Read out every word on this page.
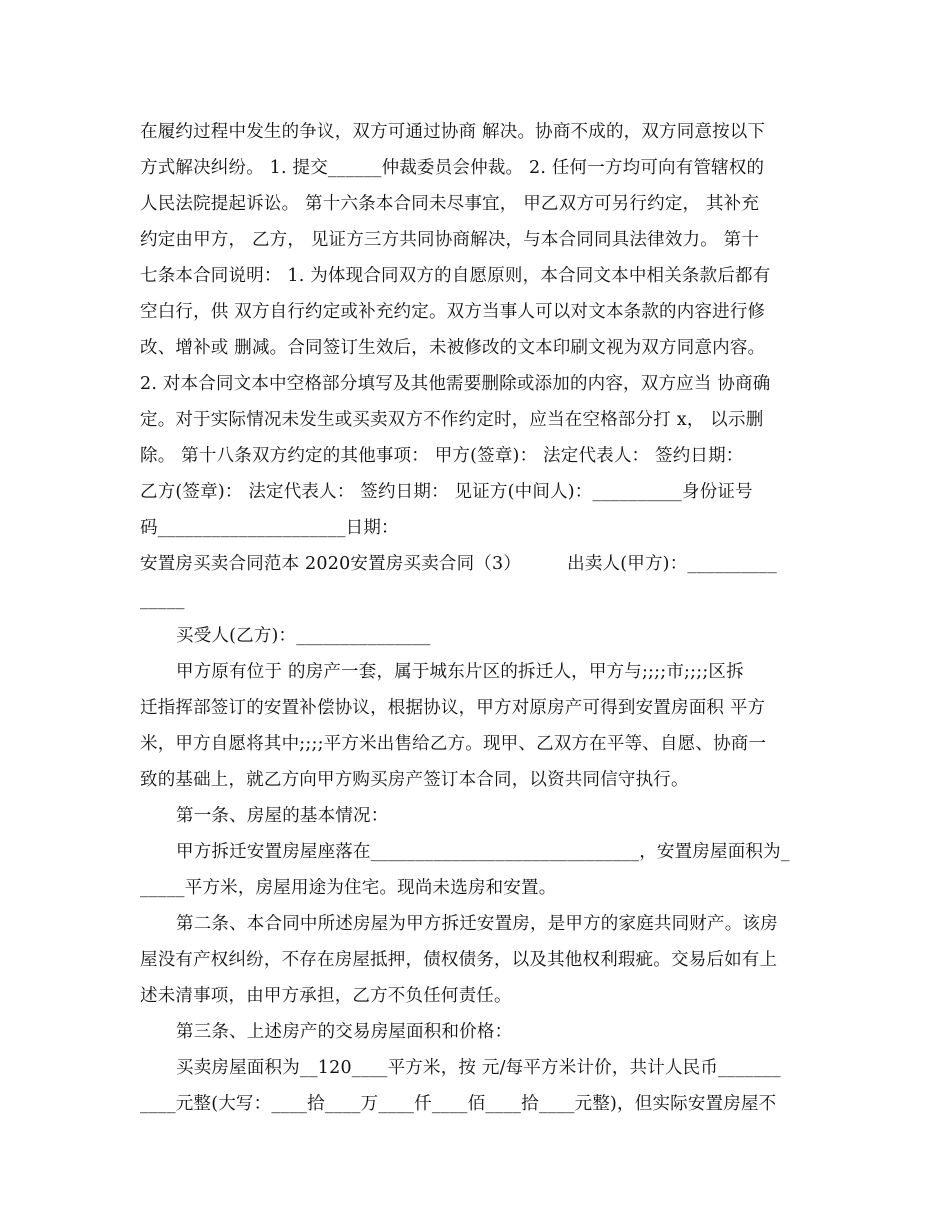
在履约过程中发生的争议，双方可通过协商 解决。协商不成的，双方同意按以下
方式解决纠纷。 1. 提交______仲裁委员会仲裁。 2. 任何一方均可向有管辖权的
人民法院提起诉讼。 第十六条本合同未尽事宜， 甲乙双方可另行约定， 其补充
约定由甲方， 乙方， 见证方三方共同协商解决，与本合同同具法律效力。 第十
七条本合同说明： 1. 为体现合同双方的自愿原则，本合同文本中相关条款后都有
空白行，供 双方自行约定或补充约定。双方当事人可以对文本条款的内容进行修
改、增补或 删减。合同签订生效后，未被修改的文本印刷文视为双方同意内容。
2. 对本合同文本中空格部分填写及其他需要删除或添加的内容，双方应当 协商确
定。对于实际情况未发生或买卖双方不作约定时，应当在空格部分打 x， 以示删
除。 第十八条双方约定的其他事项： 甲方(签章)： 法定代表人： 签约日期：
乙方(签章)： 法定代表人： 签约日期： 见证方(中间人)：__________身份证号
码_____________________日期：
安置房买卖合同范本 2020安置房买卖合同（3）        出卖人(甲方)：__________
_____
买受人(乙方)：_______________
甲方原有位于 的房产一套，属于城东片区的拆迁人，甲方与;;;;市;;;;区拆
迁指挥部签订的安置补偿协议，根据协议，甲方对原房产可得到安置房面积 平方
米，甲方自愿将其中;;;;平方米出售给乙方。现甲、乙双方在平等、自愿、协商一
致的基础上，就乙方向甲方购买房产签订本合同，以资共同信守执行。
第一条、房屋的基本情况：
甲方拆迁安置房屋座落在______________________________，安置房屋面积为_
_____平方米，房屋用途为住宅。现尚未选房和安置。
第二条、本合同中所述房屋为甲方拆迁安置房，是甲方的家庭共同财产。该房
屋没有产权纠纷，不存在房屋抵押，债权债务，以及其他权利瑕疵。交易后如有上
述未清事项，由甲方承担，乙方不负任何责任。
第三条、上述房产的交易房屋面积和价格：
买卖房屋面积为__120____平方米，按 元/每平方米计价，共计人民币_______
____元整(大写：____拾____万____仟____佰____拾____元整)，但实际安置房屋不
